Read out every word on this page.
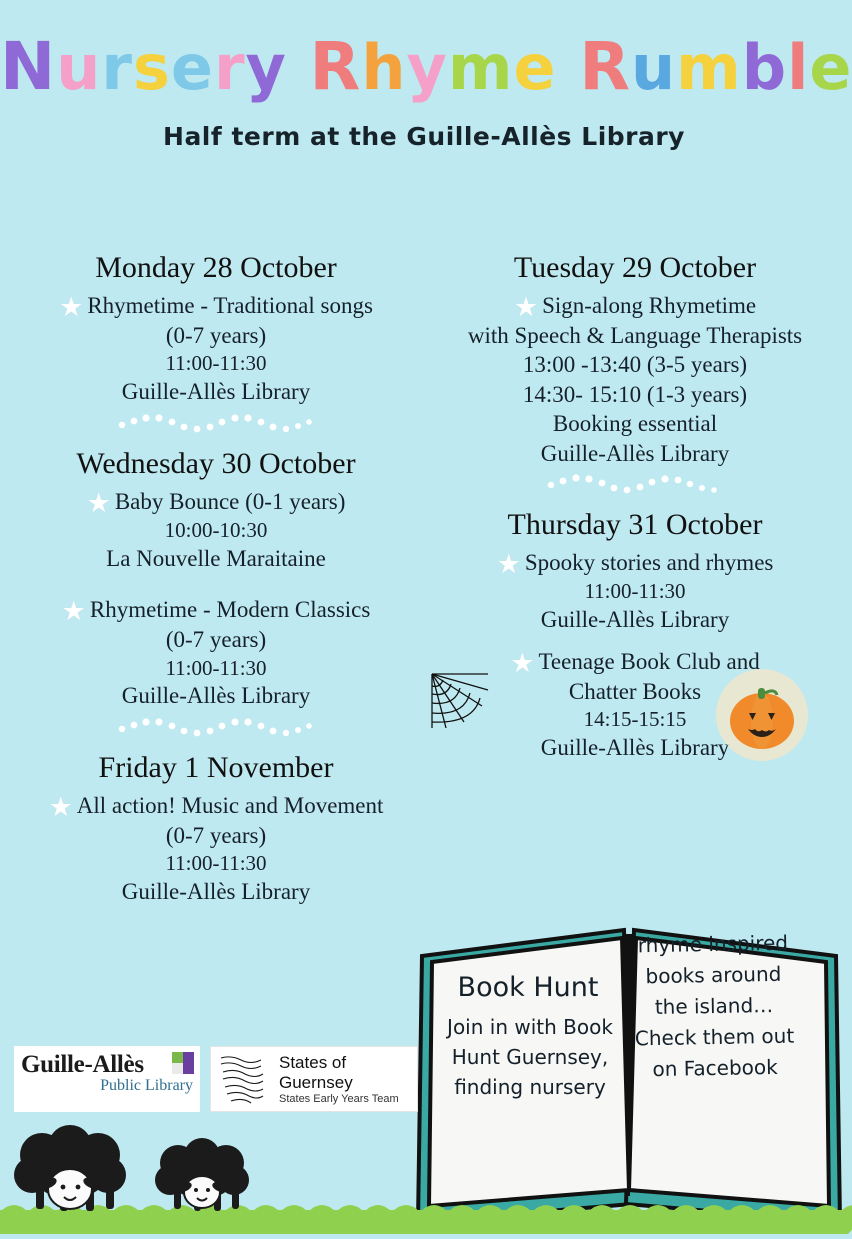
Nursery Rhyme Rumble
Half term at the Guille-Allès Library
Monday 28 October
★ Rhymetime - Traditional songs
(0-7 years)
11:00-11:30
Guille-Allès Library
Wednesday 30 October
★ Baby Bounce (0-1 years)
10:00-10:30
La Nouvelle Maraitaine
★ Rhymetime - Modern Classics
(0-7 years)
11:00-11:30
Guille-Allès Library
Friday 1 November
★ All action! Music and Movement
(0-7 years)
11:00-11:30
Guille-Allès Library
Tuesday 29 October
★ Sign-along Rhymetime
with Speech & Language Therapists
13:00 -13:40 (3-5 years)
14:30- 15:10 (1-3 years)
Booking essential
Guille-Allès Library
Thursday 31 October
★ Spooky stories and rhymes
11:00-11:30
Guille-Allès Library
★ Teenage Book Club and
Chatter Books
14:15-15:15
Guille-Allès Library
Book Hunt
Join in with Book Hunt Guernsey, finding nursery
rhyme inspired books around the island… Check them out on Facebook
Guille-Allès
Public Library
States of Guernsey
States Early Years Team
